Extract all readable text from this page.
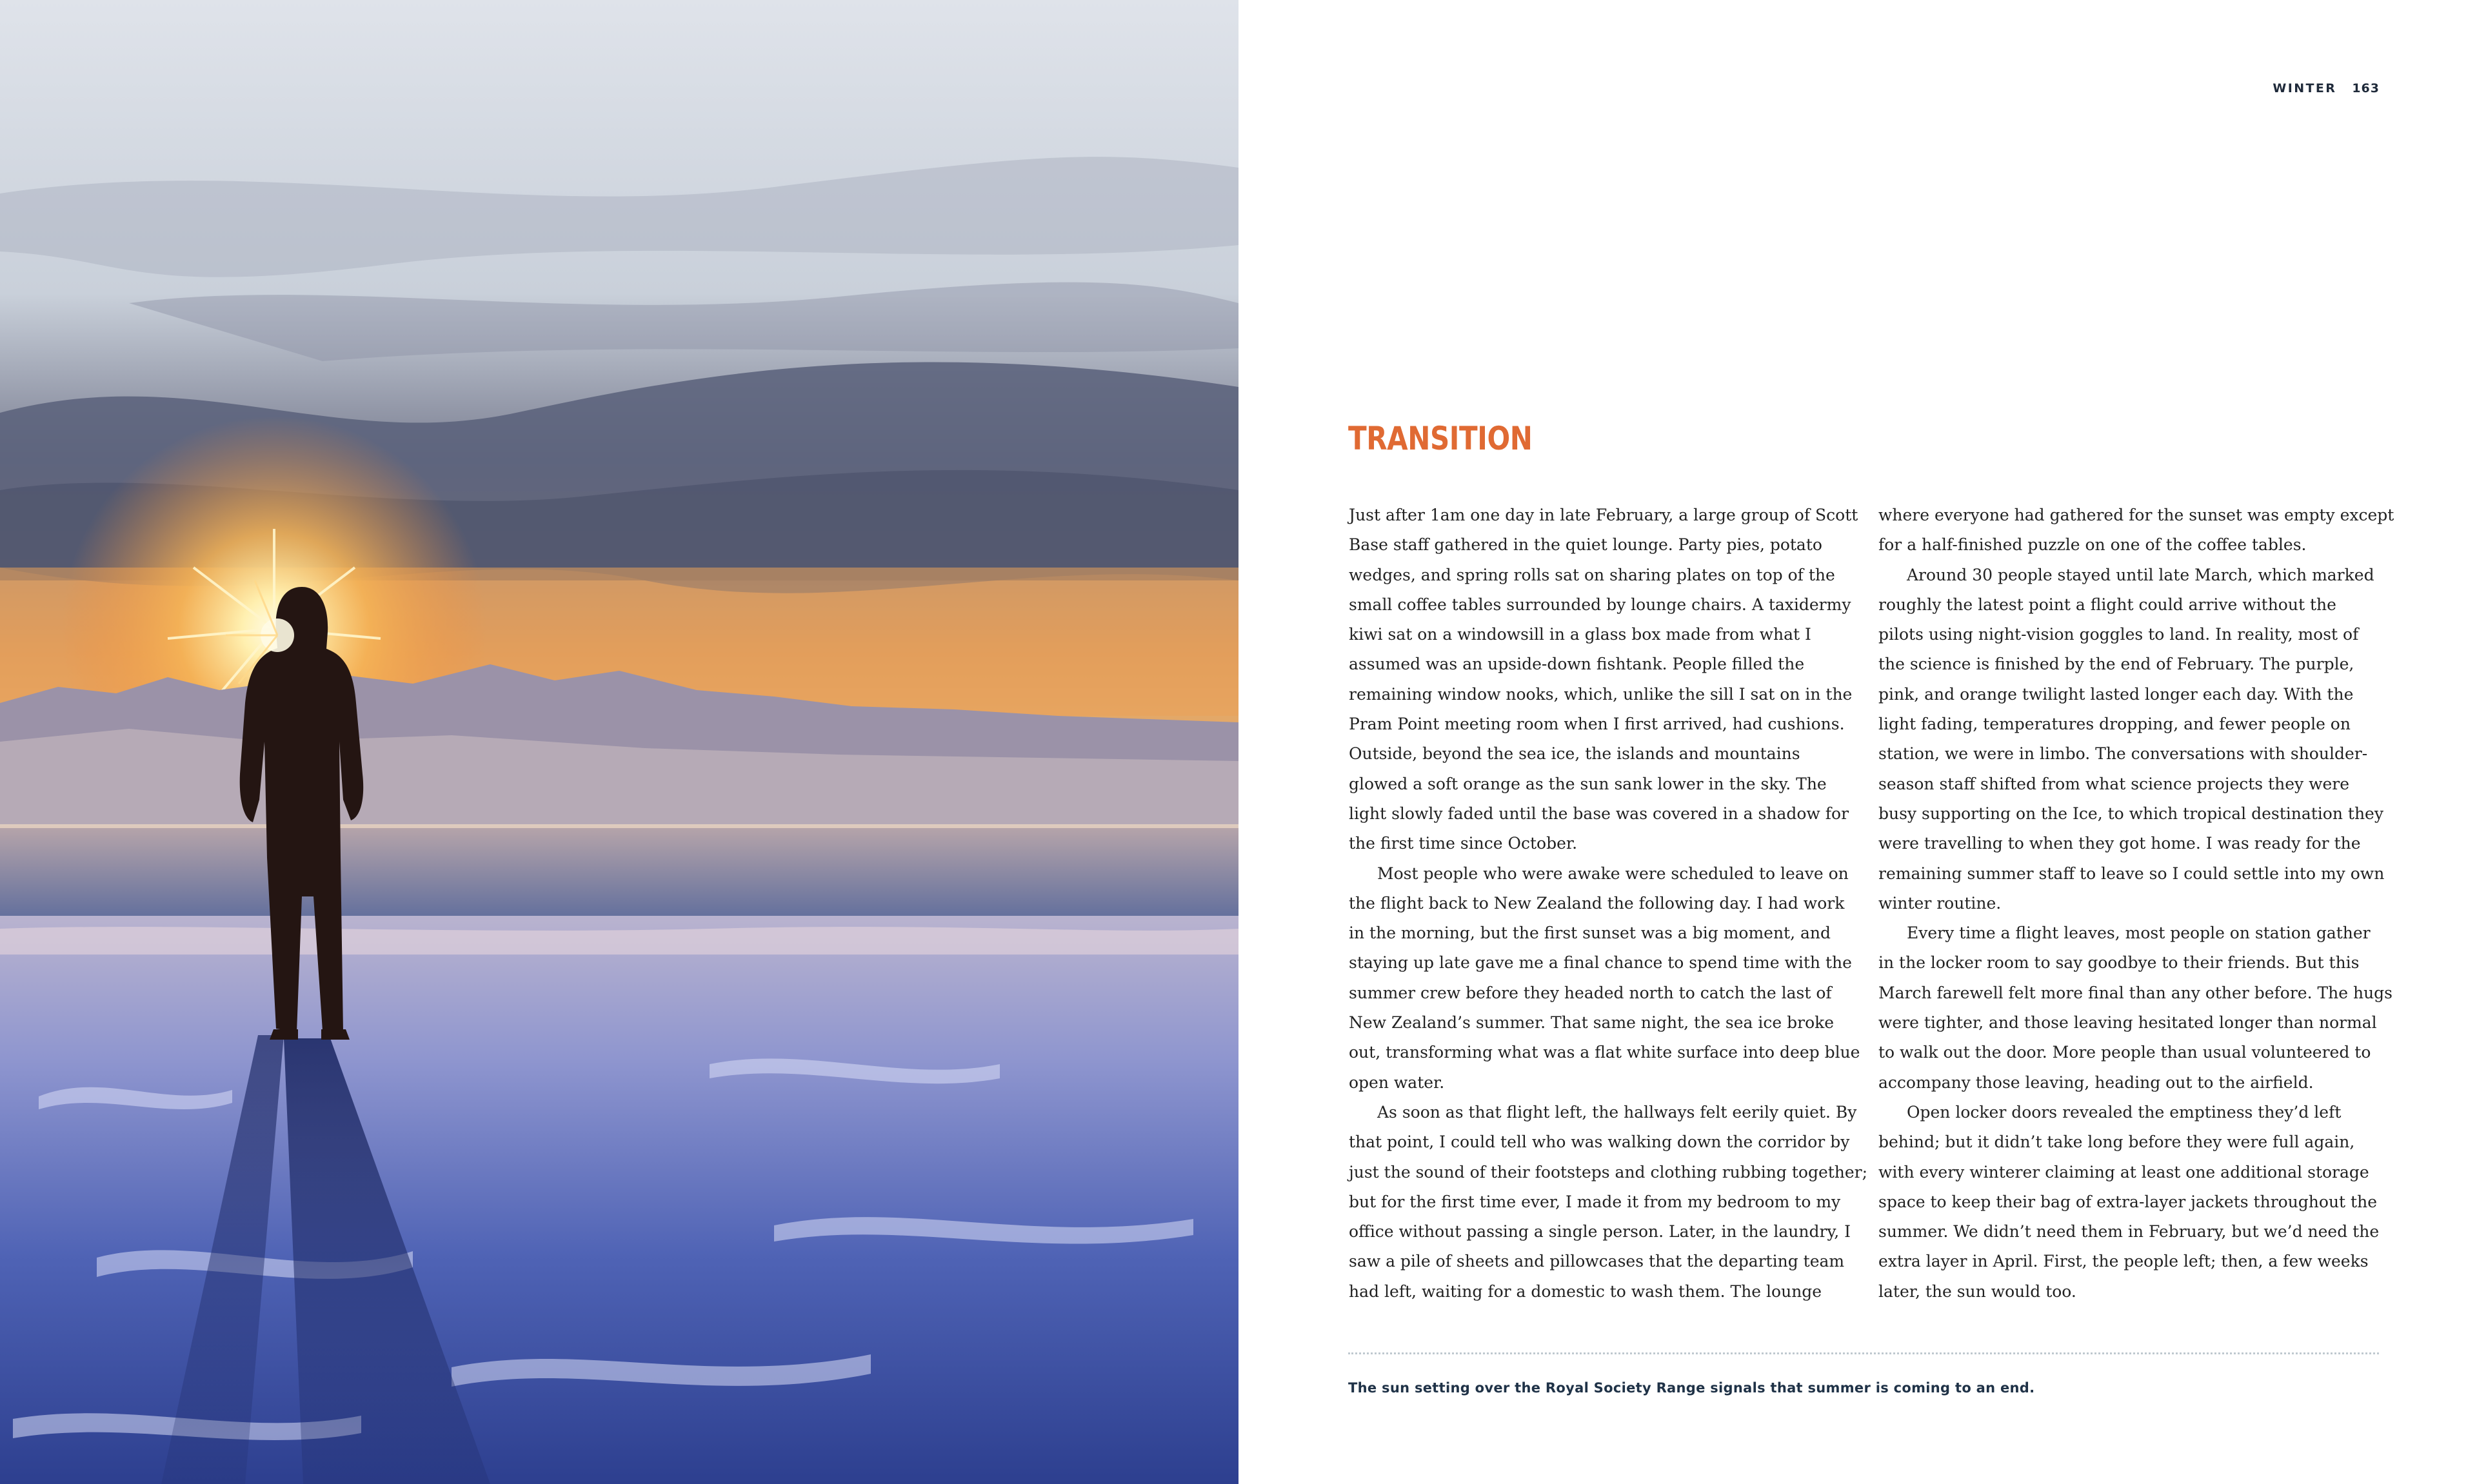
WINTER 163
TRANSITION

Just after 1am one day in late February, a large group of Scott
Base staff gathered in the quiet lounge. Party pies, potato
wedges, and spring rolls sat on sharing plates on top of the
small coffee tables surrounded by lounge chairs. A taxidermy
kiwi sat on a windowsill in a glass box made from what I
assumed was an upside-down fishtank. People filled the
remaining window nooks, which, unlike the sill I sat on in the
Pram Point meeting room when I first arrived, had cushions.
Outside, beyond the sea ice, the islands and mountains
glowed a soft orange as the sun sank lower in the sky. The
light slowly faded until the base was covered in a shadow for
the first time since October.

Most people who were awake were scheduled to leave on
the flight back to New Zealand the following day. I had work
in the morning, but the first sunset was a big moment, and
staying up late gave me a final chance to spend time with the
summer crew before they headed north to catch the last of
New Zealand’s summer. That same night, the sea ice broke
out, transforming what was a flat white surface into deep blue
open water.

As soon as that flight left, the hallways felt eerily quiet. By
that point, I could tell who was walking down the corridor by
just the sound of their footsteps and clothing rubbing together;
but for the first time ever, I made it from my bedroom to my
office without passing a single person. Later, in the laundry, I
saw a pile of sheets and pillowcases that the departing team
had left, waiting for a domestic to wash them. The lounge

where everyone had gathered for the sunset was empty except
for a half-finished puzzle on one of the coffee tables.

Around 30 people stayed until late March, which marked
roughly the latest point a flight could arrive without the
pilots using night-vision goggles to land. In reality, most of
the science is finished by the end of February. The purple,
pink, and orange twilight lasted longer each day. With the
light fading, temperatures dropping, and fewer people on
station, we were in limbo. The conversations with shoulder-
season staff shifted from what science projects they were
busy supporting on the Ice, to which tropical destination they
were travelling to when they got home. I was ready for the
remaining summer staff to leave so I could settle into my own
winter routine.

Every time a flight leaves, most people on station gather
in the locker room to say goodbye to their friends. But this
March farewell felt more final than any other before. The hugs
were tighter, and those leaving hesitated longer than normal
to walk out the door. More people than usual volunteered to
accompany those leaving, heading out to the airfield.

Open locker doors revealed the emptiness they’d left
behind; but it didn’t take long before they were full again,
with every winterer claiming at least one additional storage
space to keep their bag of extra-layer jackets throughout the
summer. We didn’t need them in February, but we’d need the
extra layer in April. First, the people left; then, a few weeks
later, the sun would too.

The sun setting over the Royal Society Range signals that summer is coming to an end.
